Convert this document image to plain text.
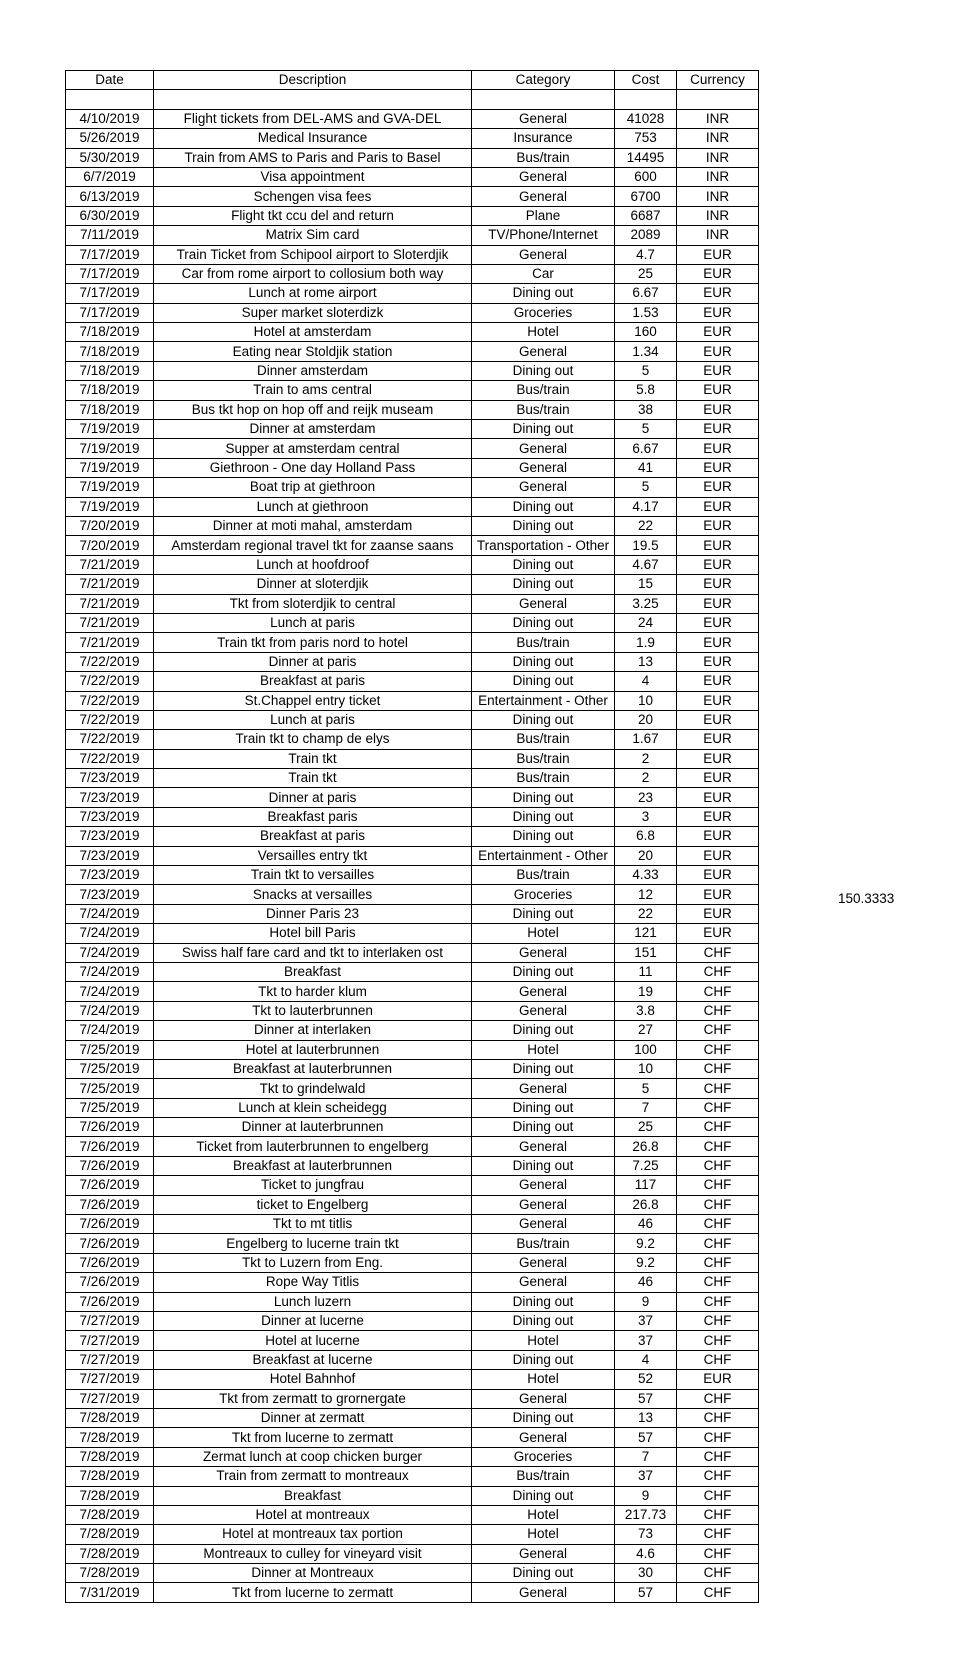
Date	Description	Category	Cost	Currency

4/10/2019	Flight tickets from DEL-AMS and GVA-DEL	General	41028	INR
5/26/2019	Medical Insurance	Insurance	753	INR
5/30/2019	Train from AMS to Paris and Paris to Basel	Bus/train	14495	INR
6/7/2019	Visa appointment	General	600	INR
6/13/2019	Schengen visa fees	General	6700	INR
6/30/2019	Flight tkt ccu del and return	Plane	6687	INR
7/11/2019	Matrix Sim card	TV/Phone/Internet	2089	INR
7/17/2019	Train Ticket from Schipool airport to Sloterdjik	General	4.7	EUR
7/17/2019	Car from rome airport to collosium both way	Car	25	EUR
7/17/2019	Lunch at rome airport	Dining out	6.67	EUR
7/17/2019	Super market sloterdizk	Groceries	1.53	EUR
7/18/2019	Hotel at amsterdam	Hotel	160	EUR
7/18/2019	Eating near Stoldjik station	General	1.34	EUR
7/18/2019	Dinner amsterdam	Dining out	5	EUR
7/18/2019	Train to ams central	Bus/train	5.8	EUR
7/18/2019	Bus tkt hop on hop off and reijk museam	Bus/train	38	EUR
7/19/2019	Dinner at amsterdam	Dining out	5	EUR
7/19/2019	Supper at amsterdam central	General	6.67	EUR
7/19/2019	Giethroon - One day Holland Pass	General	41	EUR
7/19/2019	Boat trip at giethroon	General	5	EUR
7/19/2019	Lunch at giethroon	Dining out	4.17	EUR
7/20/2019	Dinner at moti mahal, amsterdam	Dining out	22	EUR
7/20/2019	Amsterdam regional travel tkt for zaanse saans	Transportation - Other	19.5	EUR
7/21/2019	Lunch at hoofdroof	Dining out	4.67	EUR
7/21/2019	Dinner at sloterdjik	Dining out	15	EUR
7/21/2019	Tkt from sloterdjik to central	General	3.25	EUR
7/21/2019	Lunch at paris	Dining out	24	EUR
7/21/2019	Train tkt from paris nord to hotel	Bus/train	1.9	EUR
7/22/2019	Dinner at paris	Dining out	13	EUR
7/22/2019	Breakfast at paris	Dining out	4	EUR
7/22/2019	St.Chappel entry ticket	Entertainment - Other	10	EUR
7/22/2019	Lunch at paris	Dining out	20	EUR
7/22/2019	Train tkt to champ de elys	Bus/train	1.67	EUR
7/22/2019	Train tkt	Bus/train	2	EUR
7/23/2019	Train tkt	Bus/train	2	EUR
7/23/2019	Dinner at paris	Dining out	23	EUR
7/23/2019	Breakfast paris	Dining out	3	EUR
7/23/2019	Breakfast at paris	Dining out	6.8	EUR
7/23/2019	Versailles entry tkt	Entertainment - Other	20	EUR
7/23/2019	Train tkt to versailles	Bus/train	4.33	EUR
7/23/2019	Snacks at versailles	Groceries	12	EUR
7/24/2019	Dinner Paris 23	Dining out	22	EUR
7/24/2019	Hotel bill Paris	Hotel	121	EUR
7/24/2019	Swiss half fare card and tkt to interlaken ost	General	151	CHF
7/24/2019	Breakfast	Dining out	11	CHF
7/24/2019	Tkt to harder klum	General	19	CHF
7/24/2019	Tkt to lauterbrunnen	General	3.8	CHF
7/24/2019	Dinner at interlaken	Dining out	27	CHF
7/25/2019	Hotel at lauterbrunnen	Hotel	100	CHF
7/25/2019	Breakfast at lauterbrunnen	Dining out	10	CHF
7/25/2019	Tkt to grindelwald	General	5	CHF
7/25/2019	Lunch at klein scheidegg	Dining out	7	CHF
7/26/2019	Dinner at lauterbrunnen	Dining out	25	CHF
7/26/2019	Ticket from lauterbrunnen to engelberg	General	26.8	CHF
7/26/2019	Breakfast at lauterbrunnen	Dining out	7.25	CHF
7/26/2019	Ticket to jungfrau	General	117	CHF
7/26/2019	ticket to Engelberg	General	26.8	CHF
7/26/2019	Tkt to mt titlis	General	46	CHF
7/26/2019	Engelberg to lucerne train tkt	Bus/train	9.2	CHF
7/26/2019	Tkt to Luzern from Eng.	General	9.2	CHF
7/26/2019	Rope Way Titlis	General	46	CHF
7/26/2019	Lunch luzern	Dining out	9	CHF
7/27/2019	Dinner at lucerne	Dining out	37	CHF
7/27/2019	Hotel at lucerne	Hotel	37	CHF
7/27/2019	Breakfast at lucerne	Dining out	4	CHF
7/27/2019	Hotel Bahnhof	Hotel	52	EUR
7/27/2019	Tkt from zermatt to grornergate	General	57	CHF
7/28/2019	Dinner at zermatt	Dining out	13	CHF
7/28/2019	Tkt from lucerne to zermatt	General	57	CHF
7/28/2019	Zermat lunch at coop chicken burger	Groceries	7	CHF
7/28/2019	Train from zermatt to montreaux	Bus/train	37	CHF
7/28/2019	Breakfast	Dining out	9	CHF
7/28/2019	Hotel at montreaux	Hotel	217.73	CHF
7/28/2019	Hotel at montreaux tax portion	Hotel	73	CHF
7/28/2019	Montreaux to culley for vineyard visit	General	4.6	CHF
7/28/2019	Dinner at Montreaux	Dining out	30	CHF
7/31/2019	Tkt from lucerne to zermatt	General	57	CHF
150.3333
